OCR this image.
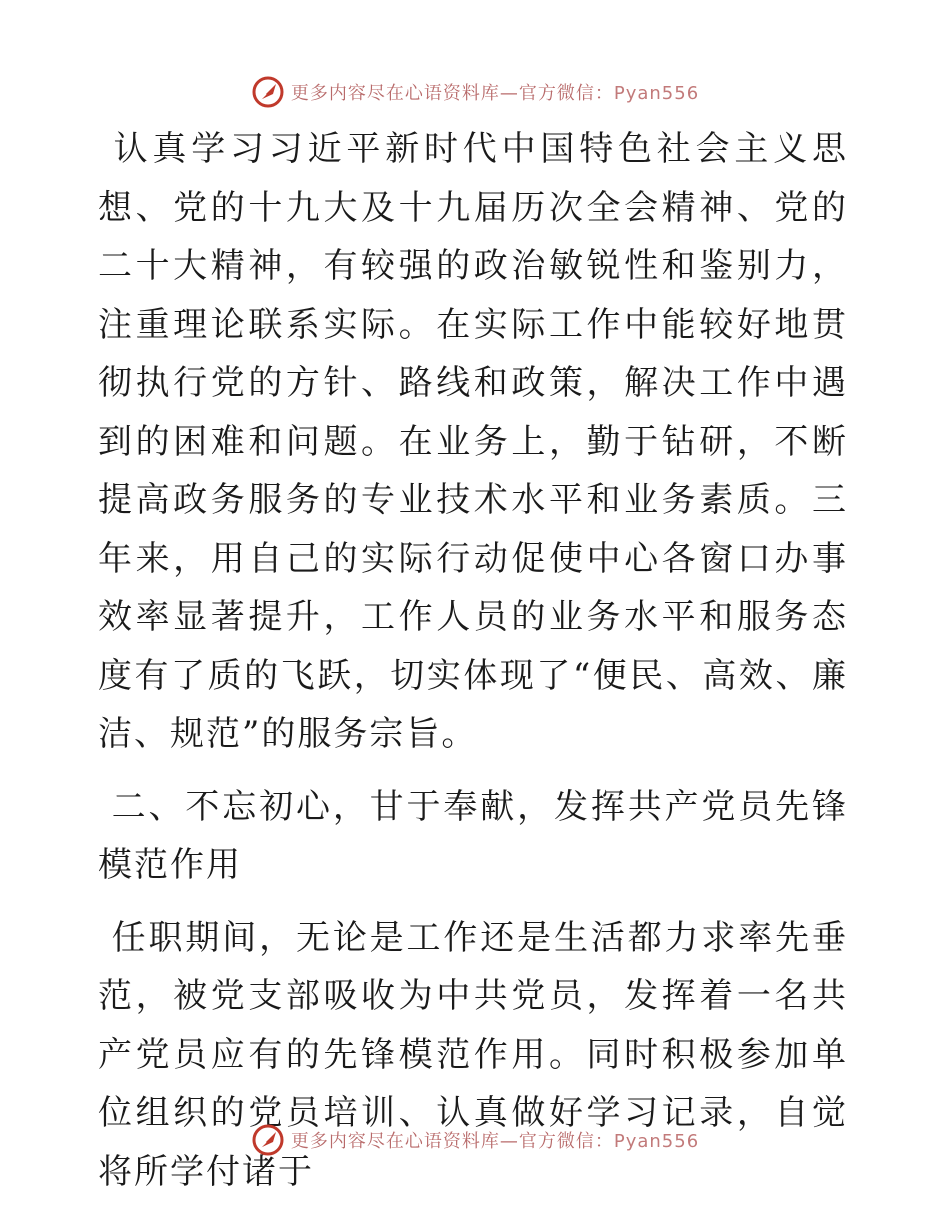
更多内容尽在心语资料库—官方微信：Pyan556

认真学习习近平新时代中国特色社会主义思想、党的十九大及十九届历次全会精神、党的二十大精神，有较强的政治敏锐性和鉴别力，注重理论联系实际。在实际工作中能较好地贯彻执行党的方针、路线和政策，解决工作中遇到的困难和问题。在业务上，勤于钻研，不断提高政务服务的专业技术水平和业务素质。三年来，用自己的实际行动促使中心各窗口办事效率显著提升，工作人员的业务水平和服务态度有了质的飞跃，切实体现了“便民、高效、廉洁、规范”的服务宗旨。

二、不忘初心，甘于奉献，发挥共产党员先锋模范作用

任职期间，无论是工作还是生活都力求率先垂范，被党支部吸收为中共党员，发挥着一名共产党员应有的先锋模范作用。同时积极参加单位组织的党员培训、认真做好学习记录，自觉将所学付诸于

更多内容尽在心语资料库—官方微信：Pyan556
